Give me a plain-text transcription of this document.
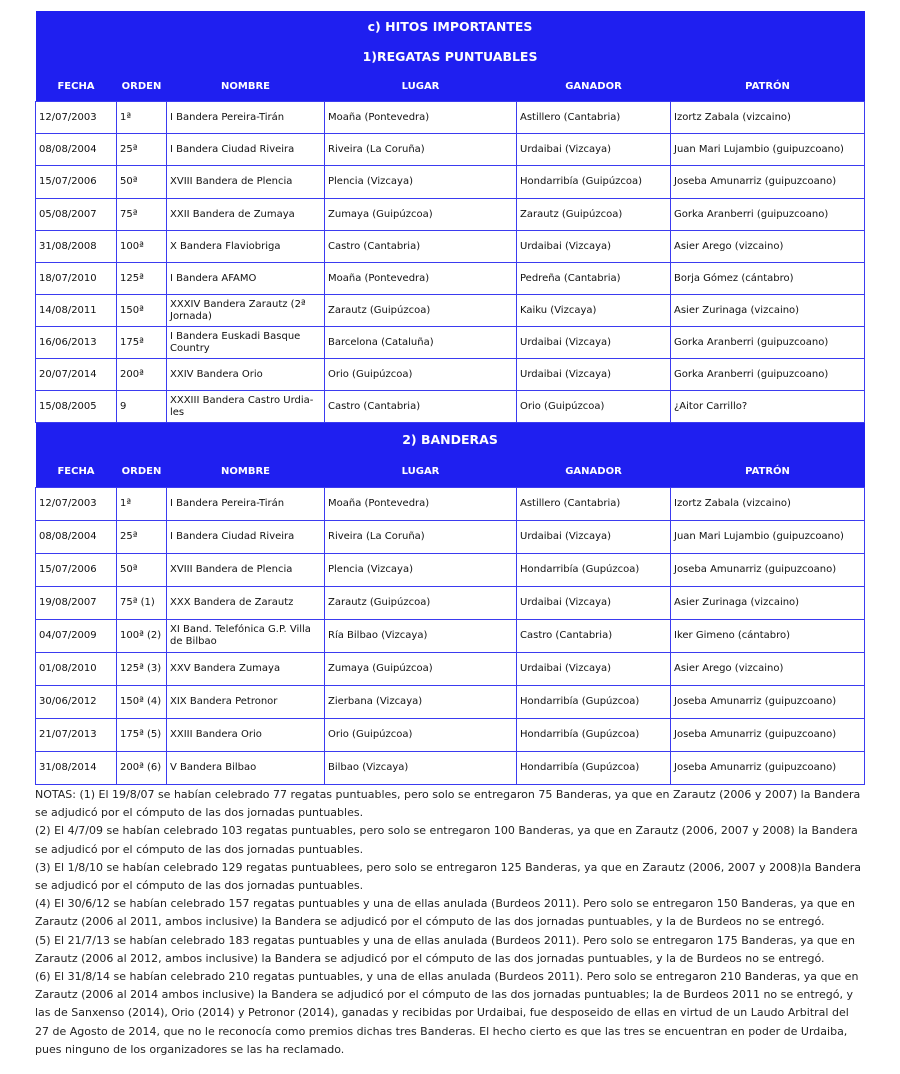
c) HITOS IMPORTANTES					
1)REGATAS PUNTUABLES					
FECHA	ORDEN	NOMBRE	LUGAR	GANADOR	PATRÓN
12/07/2003	1ª	I Bandera Pereira-Tirán	Moaña (Pontevedra)	Astillero (Cantabria)	Izortz Zabala (vizcaino)
08/08/2004	25ª	I Bandera Ciudad Riveira	Riveira (La Coruña)	Urdaibai (Vizcaya)	Juan Mari Lujambio (guipuzcoano)
15/07/2006	50ª	XVIII Bandera de Plencia	Plencia (Vizcaya)	Hondarribía (Guipúzcoa)	Joseba Amunarriz (guipuzcoano)
05/08/2007	75ª	XXII Bandera de Zumaya	Zumaya (Guipúzcoa)	Zarautz (Guipúzcoa)	Gorka Aranberri (guipuzcoano)
31/08/2008	100ª	X Bandera Flaviobriga	Castro (Cantabria)	Urdaibai (Vizcaya)	Asier Arego (vizcaino)
18/07/2010	125ª	I Bandera AFAMO	Moaña (Pontevedra)	Pedreña (Cantabria)	Borja Gómez (cántabro)
14/08/2011	150ª	XXXIV Bandera Zarautz (2ª Jornada)	Zarautz (Guipúzcoa)	Kaiku (Vizcaya)	Asier Zurinaga (vizcaino)
16/06/2013	175ª	I Bandera Euskadi Basque Country	Barcelona (Cataluña)	Urdaibai (Vizcaya)	Gorka Aranberri (guipuzcoano)
20/07/2014	200ª	XXIV Bandera Orio	Orio (Guipúzcoa)	Urdaibai (Vizcaya)	Gorka Aranberri (guipuzcoano)
15/08/2005	9	XXXIII Bandera Castro Urdia-les	Castro (Cantabria)	Orio (Guipúzcoa)	¿Aitor Carrillo?
2) BANDERAS					
FECHA	ORDEN	NOMBRE	LUGAR	GANADOR	PATRÓN
12/07/2003	1ª	I Bandera Pereira-Tirán	Moaña (Pontevedra)	Astillero (Cantabria)	Izortz Zabala (vizcaino)
08/08/2004	25ª	I Bandera Ciudad Riveira	Riveira (La Coruña)	Urdaibai (Vizcaya)	Juan Mari Lujambio (guipuzcoano)
15/07/2006	50ª	XVIII Bandera de Plencia	Plencia (Vizcaya)	Hondarribía (Gupúzcoa)	Joseba Amunarriz (guipuzcoano)
19/08/2007	75ª (1)	XXX Bandera de Zarautz	Zarautz (Guipúzcoa)	Urdaibai (Vizcaya)	Asier Zurinaga (vizcaino)
04/07/2009	100ª (2)	XI Band. Telefónica G.P. Villa de Bilbao	Ría Bilbao (Vizcaya)	Castro (Cantabria)	Iker Gimeno (cántabro)
01/08/2010	125ª (3)	XXV Bandera Zumaya	Zumaya (Guipúzcoa)	Urdaibai (Vizcaya)	Asier Arego (vizcaino)
30/06/2012	150ª (4)	XIX Bandera Petronor	Zierbana (Vizcaya)	Hondarribía (Gupúzcoa)	Joseba Amunarriz (guipuzcoano)
21/07/2013	175ª (5)	XXIII Bandera Orio	Orio (Guipúzcoa)	Hondarribía (Gupúzcoa)	Joseba Amunarriz (guipuzcoano)
31/08/2014	200ª (6)	V Bandera Bilbao	Bilbao (Vizcaya)	Hondarribía (Gupúzcoa)	Joseba Amunarriz (guipuzcoano)

NOTAS: (1) El 19/8/07 se habían celebrado 77 regatas puntuables, pero solo se entregaron 75 Banderas, ya que en Zarautz (2006 y 2007) la Bandera se adjudicó por el cómputo de las dos jornadas puntuables.

(2) El 4/7/09 se habían celebrado 103 regatas puntuables, pero solo se entregaron 100 Banderas, ya que en Zarautz (2006, 2007 y 2008) la Bandera se adjudicó por el cómputo de las dos jornadas puntuables.

(3) El 1/8/10 se habían celebrado 129 regatas puntuablees, pero solo se entregaron 125 Banderas, ya que en Zarautz (2006, 2007 y 2008)la Bandera se adjudicó por el cómputo de las dos jornadas puntuables.

(4) El 30/6/12 se habían celebrado 157 regatas puntuables y una de ellas anulada (Burdeos 2011). Pero solo se entregaron 150 Banderas, ya que en Zarautz (2006 al 2011, ambos inclusive) la Bandera se adjudicó por el cómputo de las dos jornadas puntuables, y la de Burdeos no se entregó.

(5) El 21/7/13 se habían celebrado 183 regatas puntuables y una de ellas anulada (Burdeos 2011). Pero solo se entregaron 175 Banderas, ya que en Zarautz (2006 al 2012, ambos inclusive) la Bandera se adjudicó por el cómputo de las dos jornadas puntuables, y la de Burdeos no se entregó.

(6) El 31/8/14 se habían celebrado 210 regatas puntuables, y una de ellas anulada (Burdeos 2011). Pero solo se entregaron 210 Banderas, ya que en Zarautz (2006 al 2014 ambos inclusive) la Bandera se adjudicó por el cómputo de las dos jornadas puntuables; la de Burdeos 2011 no se entregó, y las de Sanxenso (2014), Orio (2014) y Petronor (2014), ganadas y recibidas por Urdaibai, fue desposeido de ellas en virtud de un Laudo Arbitral del 27 de Agosto de 2014, que no le reconocía como premios dichas tres Banderas. El hecho cierto es que las tres se encuentran en poder de Urdaiba, pues ninguno de los organizadores se las ha reclamado.
